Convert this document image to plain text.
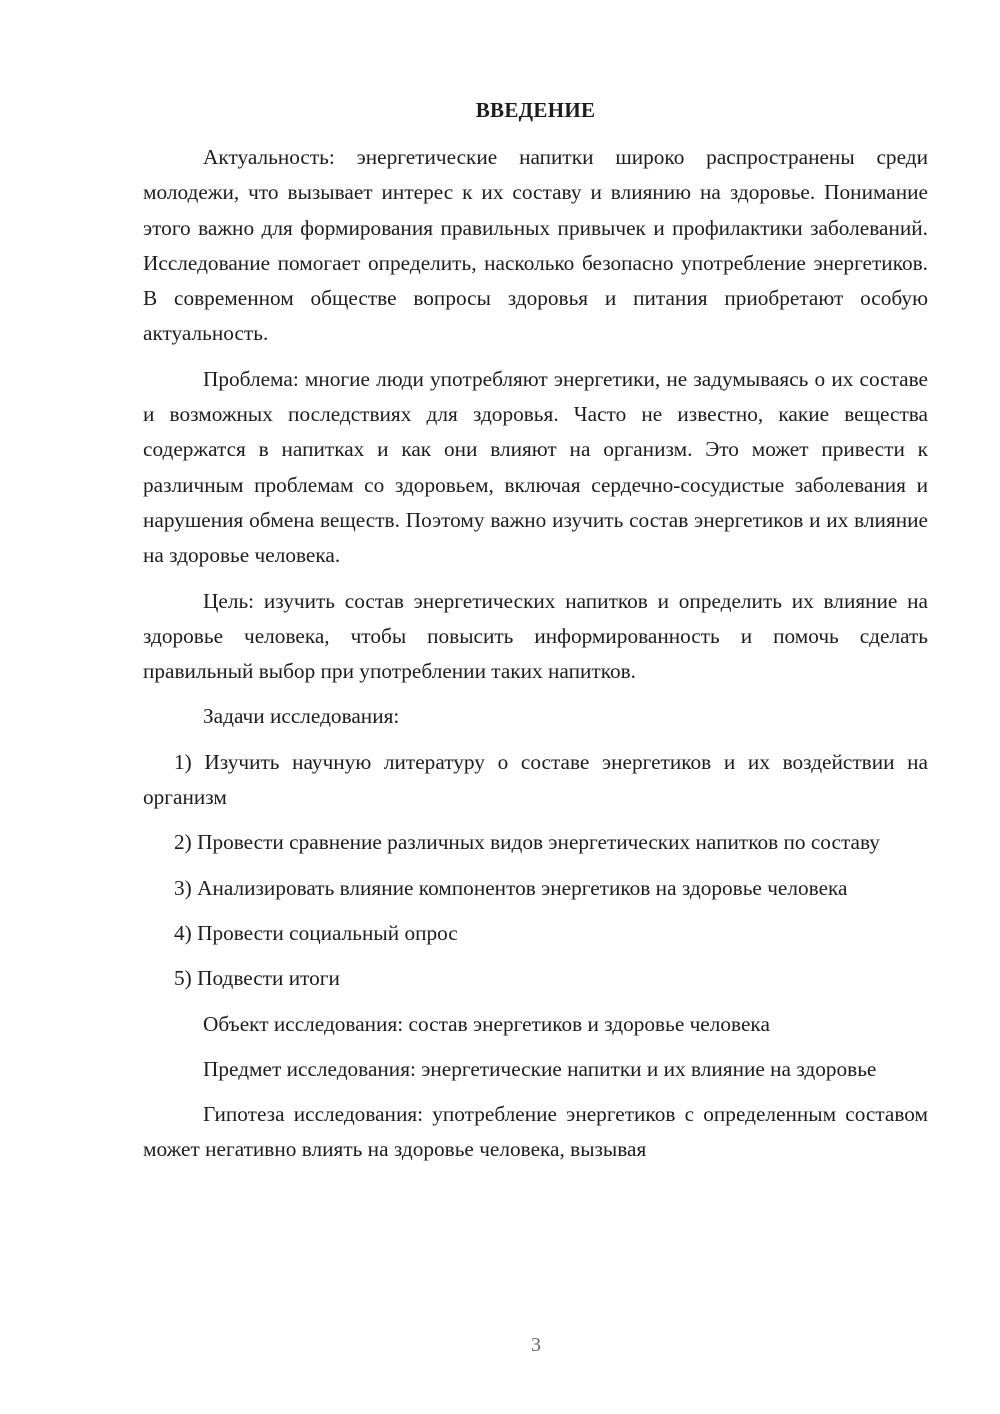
ВВЕДЕНИЕ

Актуальность: энергетические напитки широко распространены среди молодежи, что вызывает интерес к их составу и влиянию на здоровье. Понимание этого важно для формирования правильных привычек и профилактики заболеваний. Исследование помогает определить, насколько безопасно употребление энергетиков. В современном обществе вопросы здоровья и питания приобретают особую актуальность.

Проблема: многие люди употребляют энергетики, не задумываясь о их составе и возможных последствиях для здоровья. Часто не известно, какие вещества содержатся в напитках и как они влияют на организм. Это может привести к различным проблемам со здоровьем, включая сердечно-сосудистые заболевания и нарушения обмена веществ. Поэтому важно изучить состав энергетиков и их влияние на здоровье человека.

Цель: изучить состав энергетических напитков и определить их влияние на здоровье человека, чтобы повысить информированность и помочь сделать правильный выбор при употреблении таких напитков.

Задачи исследования:

1) Изучить научную литературу о составе энергетиков и их воздействии на организм

2) Провести сравнение различных видов энергетических напитков по составу

3) Анализировать влияние компонентов энергетиков на здоровье человека

4) Провести социальный опрос

5) Подвести итоги

Объект исследования: состав энергетиков и здоровье человека

Предмет исследования: энергетические напитки и их влияние на здоровье

Гипотеза исследования: употребление энергетиков с определенным составом может негативно влиять на здоровье человека, вызывая

3
